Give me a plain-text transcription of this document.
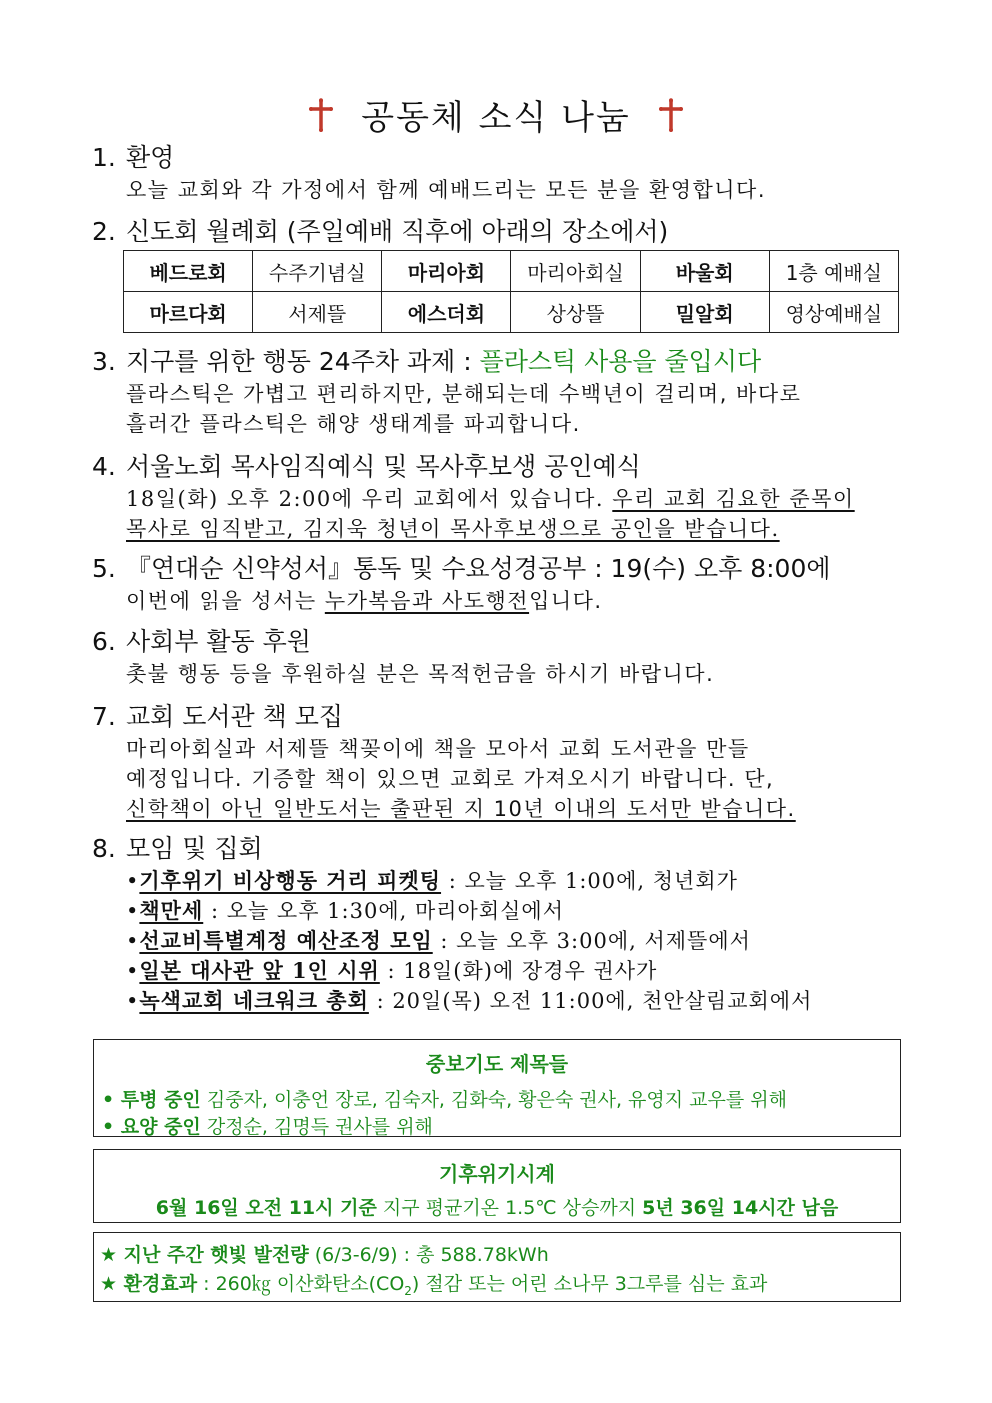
공동체 소식 나눔
1. 환영
오늘 교회와 각 가정에서 함께 예배드리는 모든 분을 환영합니다.
2. 신도회 월례회 (주일예배 직후에 아래의 장소에서)
베드로회	수주기념실	마리아회	마리아회실	바울회	1층 예배실
마르다회	서제뜰	에스더회	상상뜰	밀알회	영상예배실
3. 지구를 위한 행동 24주차 과제 : 플라스틱 사용을 줄입시다
플라스틱은 가볍고 편리하지만, 분해되는데 수백년이 걸리며, 바다로
흘러간 플라스틱은 해양 생태계를 파괴합니다.
4. 서울노회 목사임직예식 및 목사후보생 공인예식
18일(화) 오후 2:00에 우리 교회에서 있습니다. 우리 교회 김요한 준목이
목사로 임직받고, 김지욱 청년이 목사후보생으로 공인을 받습니다.
5. 『연대순 신약성서』통독 및 수요성경공부 : 19(수) 오후 8:00에
이번에 읽을 성서는 누가복음과 사도행전입니다.
6. 사회부 활동 후원
촛불 행동 등을 후원하실 분은 목적헌금을 하시기 바랍니다.
7. 교회 도서관 책 모집
마리아회실과 서제뜰 책꽂이에 책을 모아서 교회 도서관을 만들
예정입니다. 기증할 책이 있으면 교회로 가져오시기 바랍니다. 단,
신학책이 아닌 일반도서는 출판된 지 10년 이내의 도서만 받습니다.
8. 모임 및 집회
•기후위기 비상행동 거리 피켓팅 : 오늘 오후 1:00에, 청년회가
•책만세 : 오늘 오후 1:30에, 마리아회실에서
•선교비특별계정 예산조정 모임 : 오늘 오후 3:00에, 서제뜰에서
•일본 대사관 앞 1인 시위 : 18일(화)에 장경우 권사가
•녹색교회 네크워크 총회 : 20일(목) 오전 11:00에, 천안살림교회에서
중보기도 제목들
• 투병 중인 김중자, 이충언 장로, 김숙자, 김화숙, 황은숙 권사, 유영지 교우를 위해
• 요양 중인 강정순, 김명득 권사를 위해
기후위기시계
6월 16일 오전 11시 기준 지구 평균기온 1.5℃ 상승까지 5년 36일 14시간 남음
★ 지난 주간 햇빛 발전량 (6/3-6/9) : 총 588.78kWh
★ 환경효과 : 260㎏ 이산화탄소$(CO_2)$ 절감 또는 어린 소나무 3그루를 심는 효과
